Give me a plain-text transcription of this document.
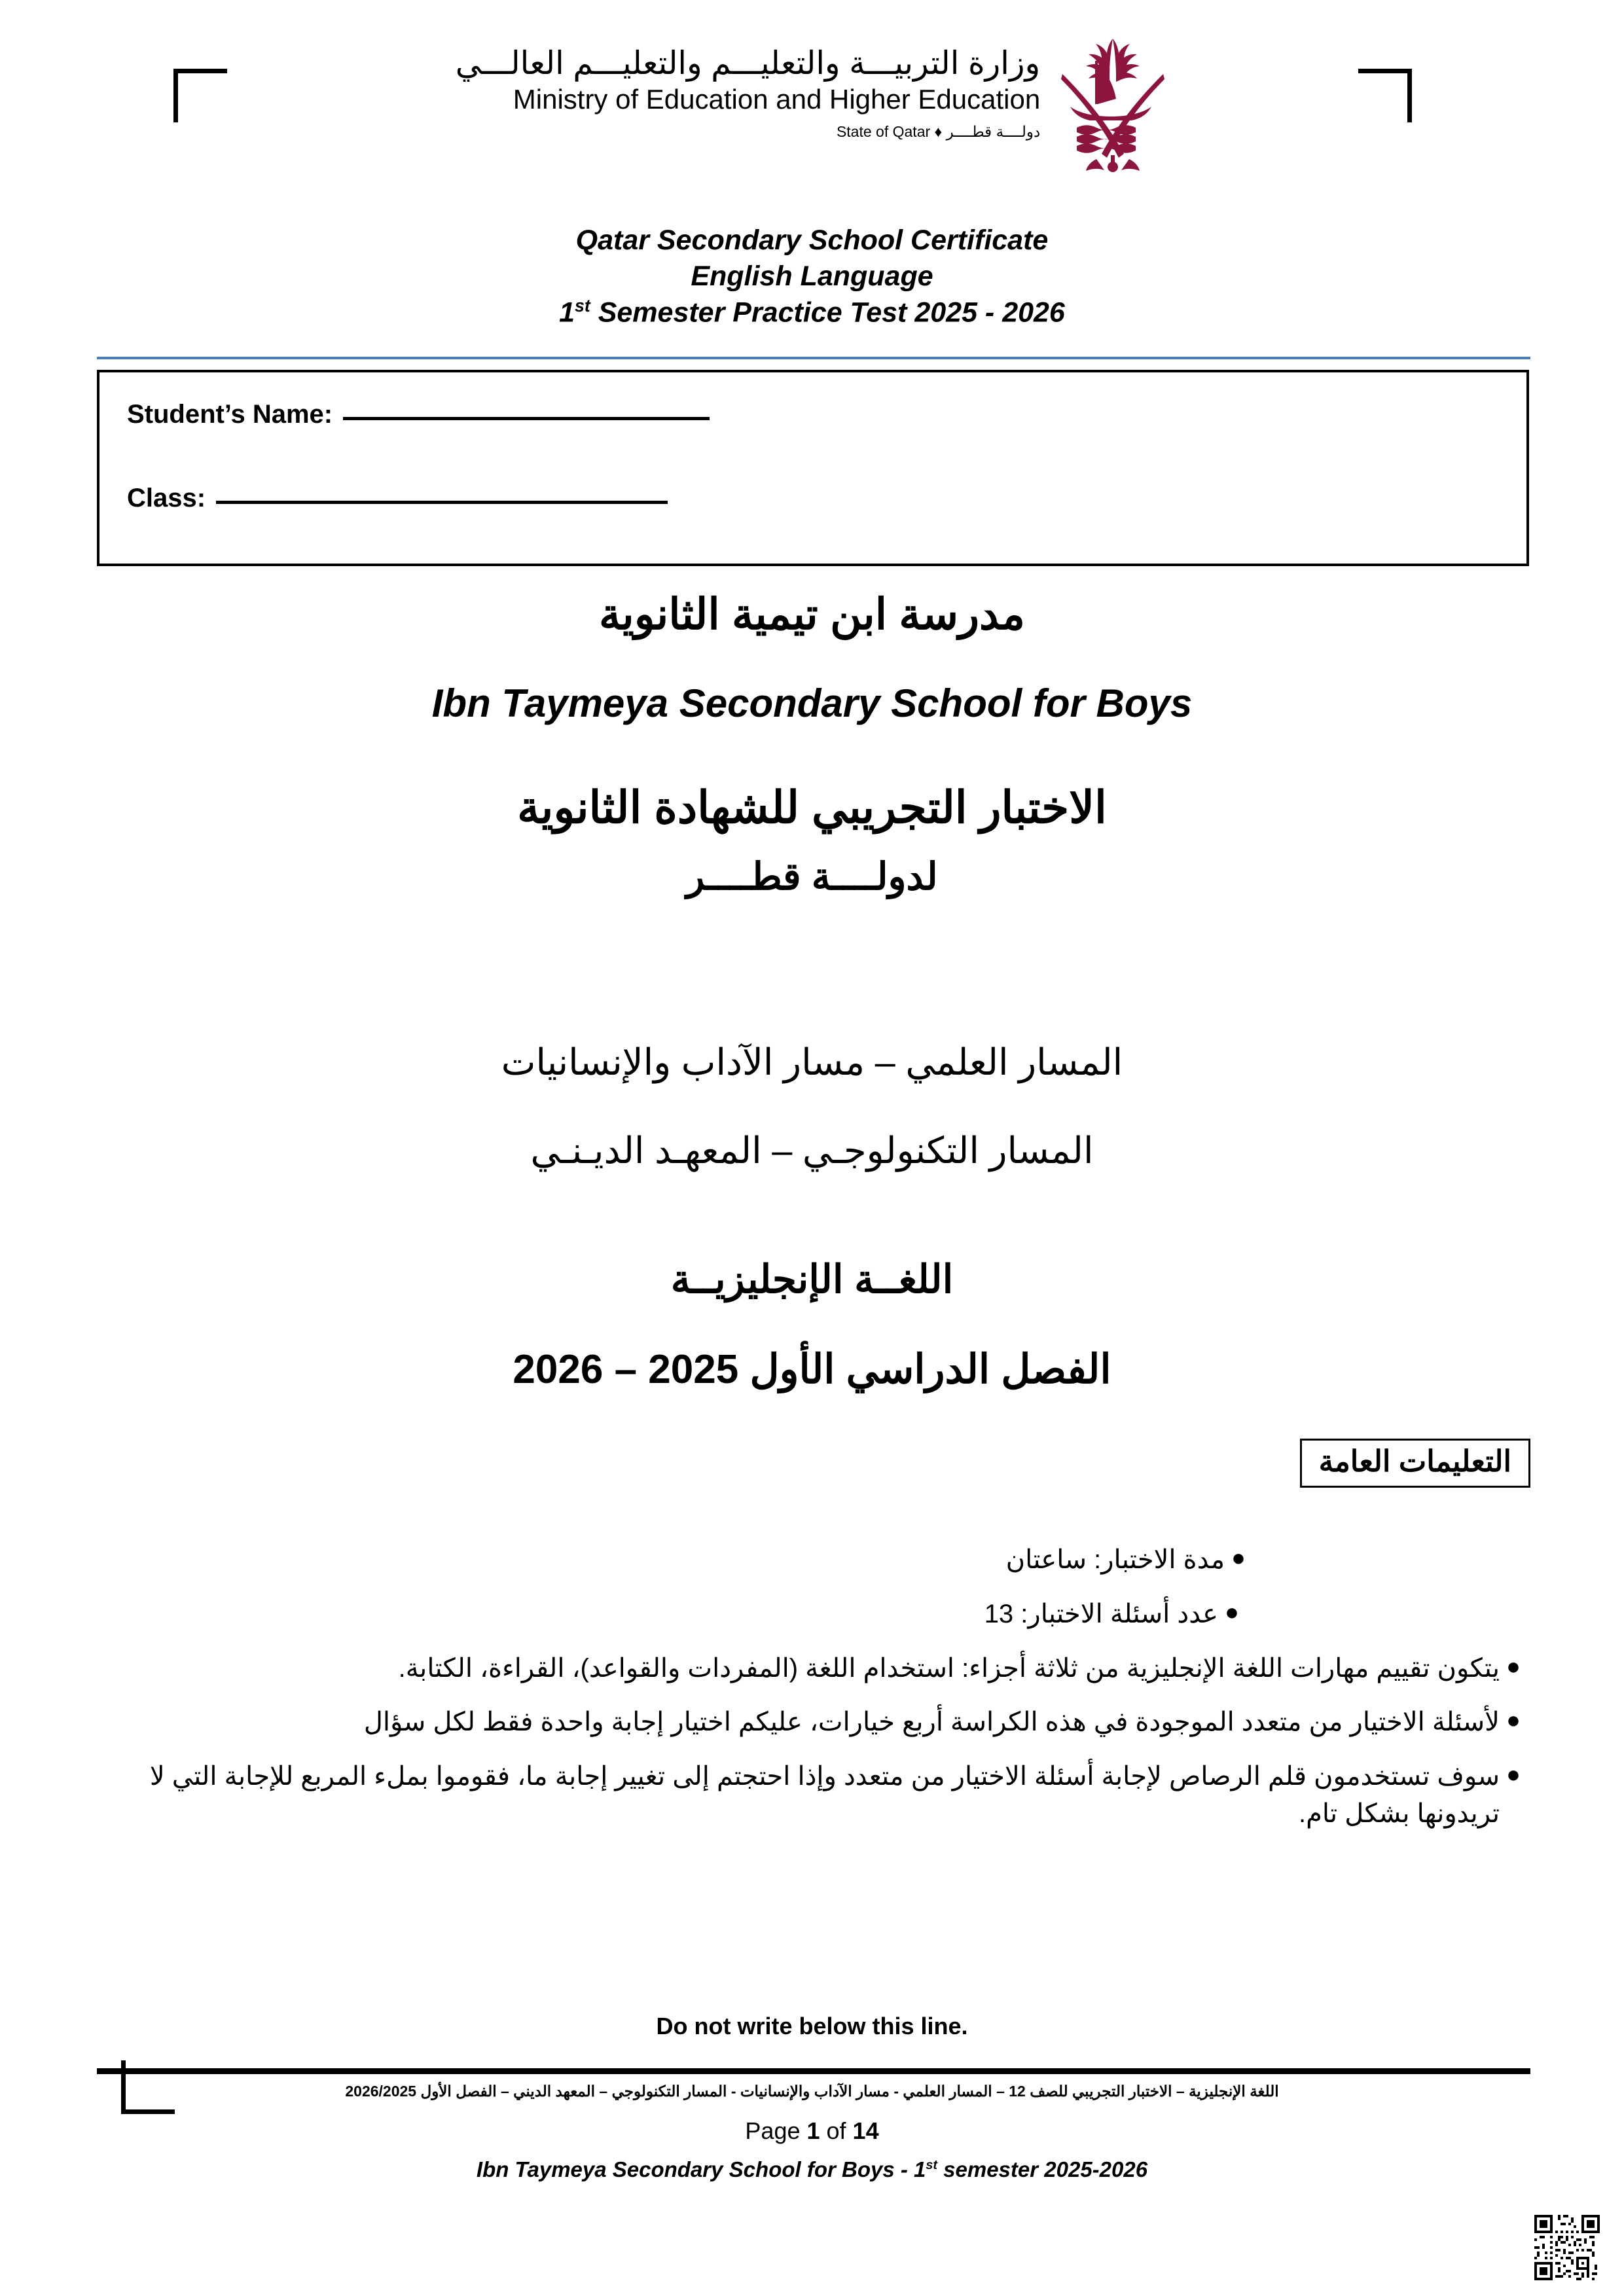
وزارة التربيـــة والتعليـــم والتعليـــم العالـــي
Ministry of Education and Higher Education
دولــــة قطــــر ♦ State of Qatar
Qatar Secondary School Certificate
English Language
1st Semester Practice Test 2025 - 2026
Student’s Name:
Class:
مدرسة ابن تيمية الثانوية
Ibn Taymeya Secondary School for Boys
الاختبار التجريبي للشهادة الثانوية
لدولــــة قطــــر
المسار العلمي – مسار الآداب والإنسانيات
المسار التكنولوجـي – المعهـد الديـنـي
اللغــة الإنجليزيــة
الفصل الدراسي الأول 2025 – 2026
التعليمات العامة
●
مدة الاختبار: ساعتان
●
عدد أسئلة الاختبار: 13
●
يتكون تقييم مهارات اللغة الإنجليزية من ثلاثة أجزاء: استخدام اللغة (المفردات والقواعد)، القراءة، الكتابة.
●
لأسئلة الاختيار من متعدد الموجودة في هذه الكراسة أربع خيارات، عليكم اختيار إجابة واحدة فقط لكل سؤال
●
سوف تستخدمون قلم الرصاص لإجابة أسئلة الاختيار من متعدد وإذا احتجتم إلى تغيير إجابة ما، فقوموا بملء المربع للإجابة التي لا تريدونها بشكل تام.
Do not write below this line.
اللغة الإنجليزية – الاختبار التجريبي للصف 12 – المسار العلمي - مسار الآداب والإنسانيات - المسار التكنولوجي – المعهد الديني – الفصل الأول 2026/2025
Page 1 of 14
Ibn Taymeya Secondary School for Boys - 1st semester 2025-2026
